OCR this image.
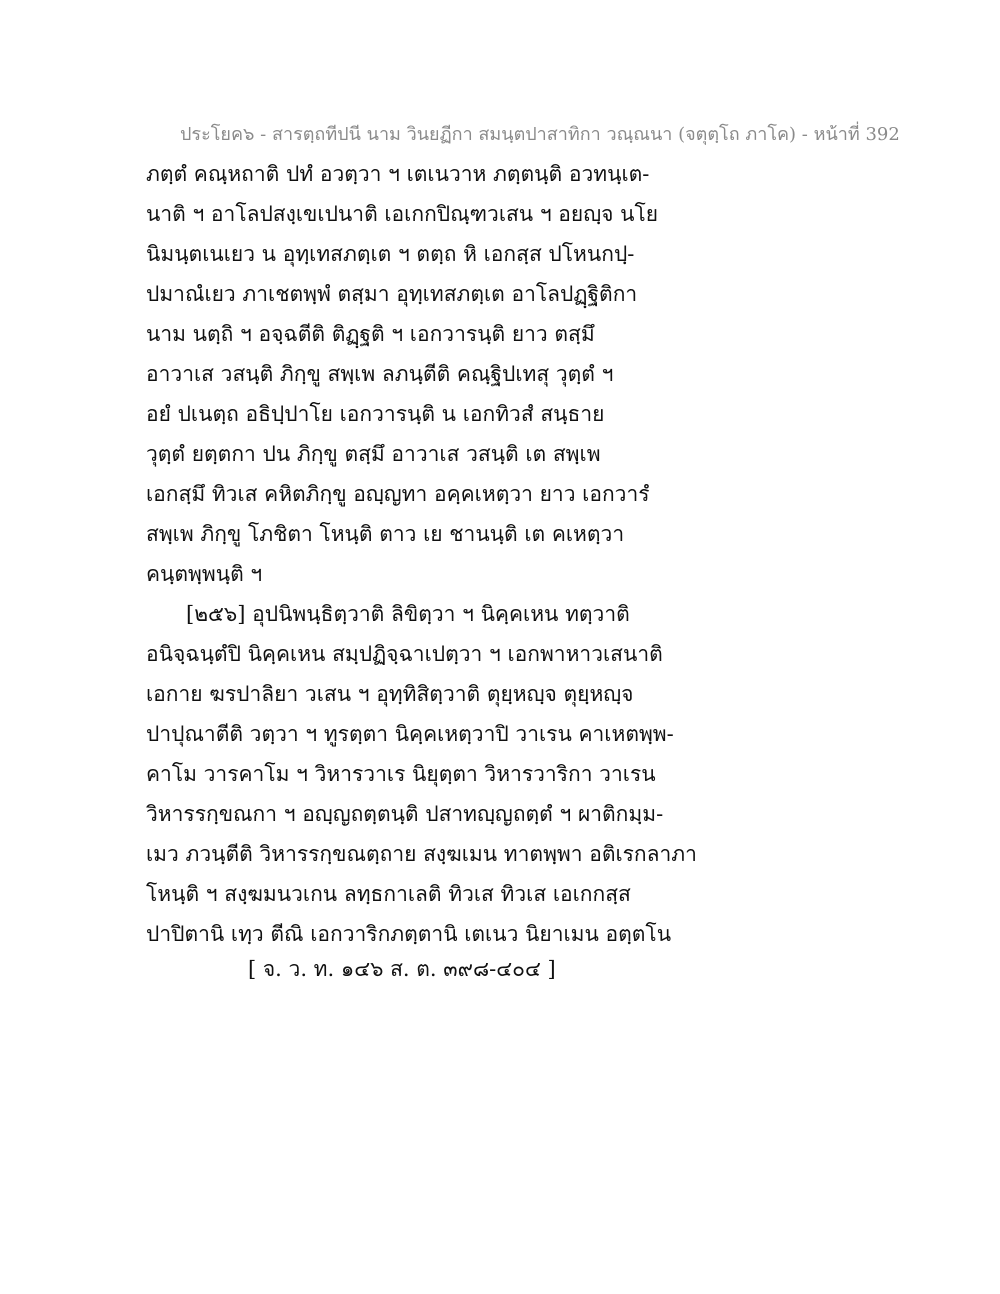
ประโยค๖ - สารตฺถทีปนี นาม วินยฏีกา สมนฺตปาสาทิกา วณฺณนา (จตุตฺโถ ภาโค) - หน้าที่ 392
ภตฺตํ คณฺหถาติ ปทํ อวตฺวา ฯ เตเนวาห ภตฺตนฺติ อวทนฺเต-
นาติ ฯ อาโลปสงฺเขเปนาติ เอเกกปิณฺฑวเสน ฯ อยญฺจ นโย
นิมนฺตเนเยว น อุทฺเทสภตฺเต ฯ ตตฺถ หิ เอกสฺส ปโหนกปฺ-
ปมาณํเยว ภาเชตพฺพํ ตสฺมา อุทฺเทสภตฺเต อาโลปฏฺฐิติกา
นาม นตฺถิ ฯ อจฺฉตีติ ติฏฺฐติ ฯ เอกวารนฺติ ยาว ตสฺมึ
อาวาเส วสนฺติ ภิกฺขู สพฺเพ ลภนฺตีติ คณฺฐิปเทสุ วุตฺตํ ฯ
อยํ ปเนตฺถ อธิปฺปาโย เอกวารนฺติ น เอกทิวสํ สนฺธาย
วุตฺตํ ยตฺตกา ปน ภิกฺขู ตสฺมึ อาวาเส วสนฺติ เต สพฺเพ
เอกสฺมึ ทิวเส คหิตภิกฺขู อญฺญทา อคฺคเหตฺวา ยาว เอกวารํ
สพฺเพ ภิกฺขู โภชิตา โหนฺติ ตาว เย ชานนฺติ เต คเหตฺวา
คนฺตพฺพนฺติ ฯ
[๒๕๖] อุปนิพนฺธิตฺวาติ ลิขิตฺวา ฯ นิคฺคเหน ทตฺวาติ
อนิจฺฉนฺตํปิ นิคฺคเหน สมฺปฏิจฺฉาเปตฺวา ฯ เอกพาหาวเสนาติ
เอกาย ฆรปาลิยา วเสน ฯ อุทฺทิสิตฺวาติ ตุยฺหญฺจ ตุยฺหญฺจ
ปาปุณาตีติ วตฺวา ฯ ทูรตฺตา นิคฺคเหตฺวาปิ วาเรน คาเหตพฺพ-
คาโม วารคาโม ฯ วิหารวาเร นิยุตฺตา วิหารวาริกา วาเรน
วิหารรกฺขณกา ฯ อญฺญถตฺตนฺติ ปสาทญฺญถตฺตํ ฯ ผาติกมฺม-
เมว ภวนฺตีติ วิหารรกฺขณตฺถาย สงฺฆเมน ทาตพฺพา อติเรกลาภา
โหนฺติ ฯ สงฺฆมนวเกน ลทฺธกาเลติ ทิวเส ทิวเส เอเกกสฺส
ปาปิตานิ เทฺว ตีณิ เอกวาริกภตฺตานิ เตเนว นิยาเมน อตฺตโน
[ จ. ว. ท. ๑๔๖ ส. ต. ๓๙๘-๔๐๔ ]
